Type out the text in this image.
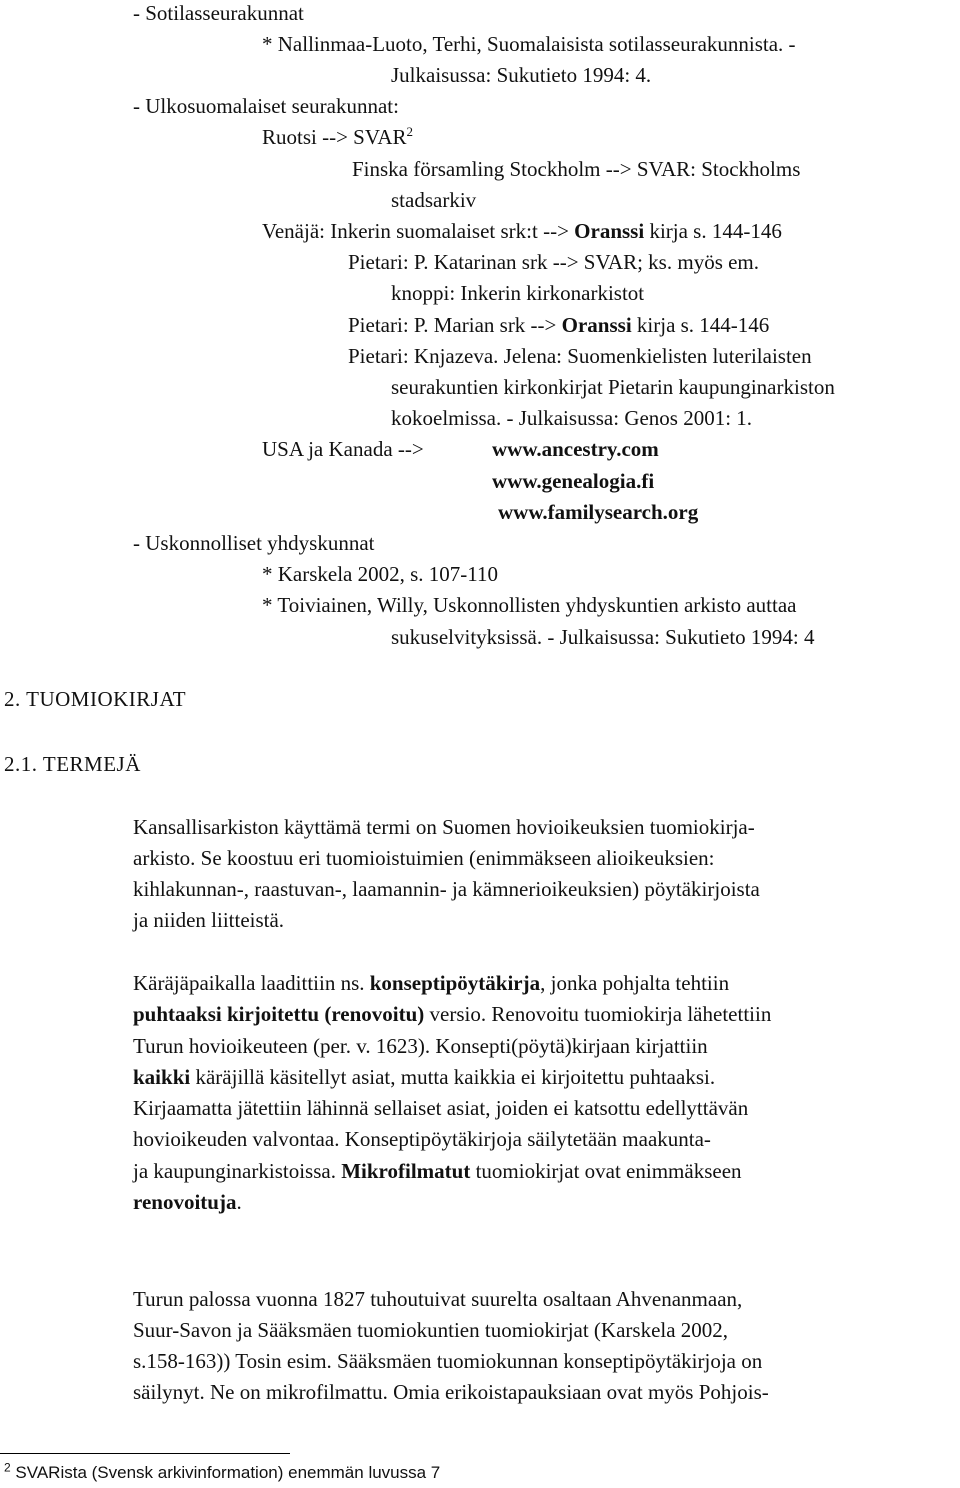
- Sotilasseurakunnat
* Nallinmaa-Luoto, Terhi, Suomalaisista sotilasseurakunnista. -
Julkaisussa: Sukutieto 1994: 4.
- Ulkosuomalaiset seurakunnat:
Ruotsi --> $SVAR^2$
Finska församling Stockholm --> SVAR: Stockholms
stadsarkiv
Venäjä: Inkerin suomalaiset srk:t --> Oranssi kirja s. 144-146
Pietari: P. Katarinan srk --> SVAR; ks. myös em.
knoppi: Inkerin kirkonarkistot
Pietari: P. Marian srk --> Oranssi kirja s. 144-146
Pietari: Knjazeva. Jelena: Suomenkielisten luterilaisten
seurakuntien kirkonkirjat Pietarin kaupunginarkiston
kokoelmissa. - Julkaisussa: Genos 2001: 1.
USA ja Kanada -->	www.ancestry.com
www.genealogia.fi
www.familysearch.org
- Uskonnolliset yhdyskunnat
* Karskela 2002, s. 107-110
* Toiviainen, Willy, Uskonnollisten yhdyskuntien arkisto auttaa
sukuselvityksissä. - Julkaisussa: Sukutieto 1994: 4
2. TUOMIOKIRJAT
2.1. TERMEJÄ
Kansallisarkiston käyttämä termi on Suomen hovioikeuksien tuomiokirja-
arkisto. Se koostuu eri tuomioistuimien (enimmäkseen alioikeuksien:
kihlakunnan-, raastuvan-, laamannin- ja kämnerioikeuksien) pöytäkirjoista
ja niiden liitteistä.
Käräjäpaikalla laadittiin ns. konseptipöytäkirja, jonka pohjalta tehtiin
puhtaaksi kirjoitettu (renovoitu) versio. Renovoitu tuomiokirja lähetettiin
Turun hovioikeuteen (per. v. 1623). Konsepti(pöytä)kirjaan kirjattiin
kaikki käräjillä käsitellyt asiat, mutta kaikkia ei kirjoitettu puhtaaksi.
Kirjaamatta jätettiin lähinnä sellaiset asiat, joiden ei katsottu edellyttävän
hovioikeuden valvontaa. Konseptipöytäkirjoja säilytetään maakunta-
ja kaupunginarkistoissa. Mikrofilmatut tuomiokirjat ovat enimmäkseen
renovoituja.
Turun palossa vuonna 1827 tuhoutuivat suurelta osaltaan Ahvenanmaan,
Suur-Savon ja Sääksmäen tuomiokuntien tuomiokirjat (Karskela 2002,
s.158-163)) Tosin esim. Sääksmäen tuomiokunnan konseptipöytäkirjoja on
säilynyt. Ne on mikrofilmattu. Omia erikoistapauksiaan ovat myös Pohjois-
$^2$ SVARista (Svensk arkivinformation) enemmän luvussa 7
